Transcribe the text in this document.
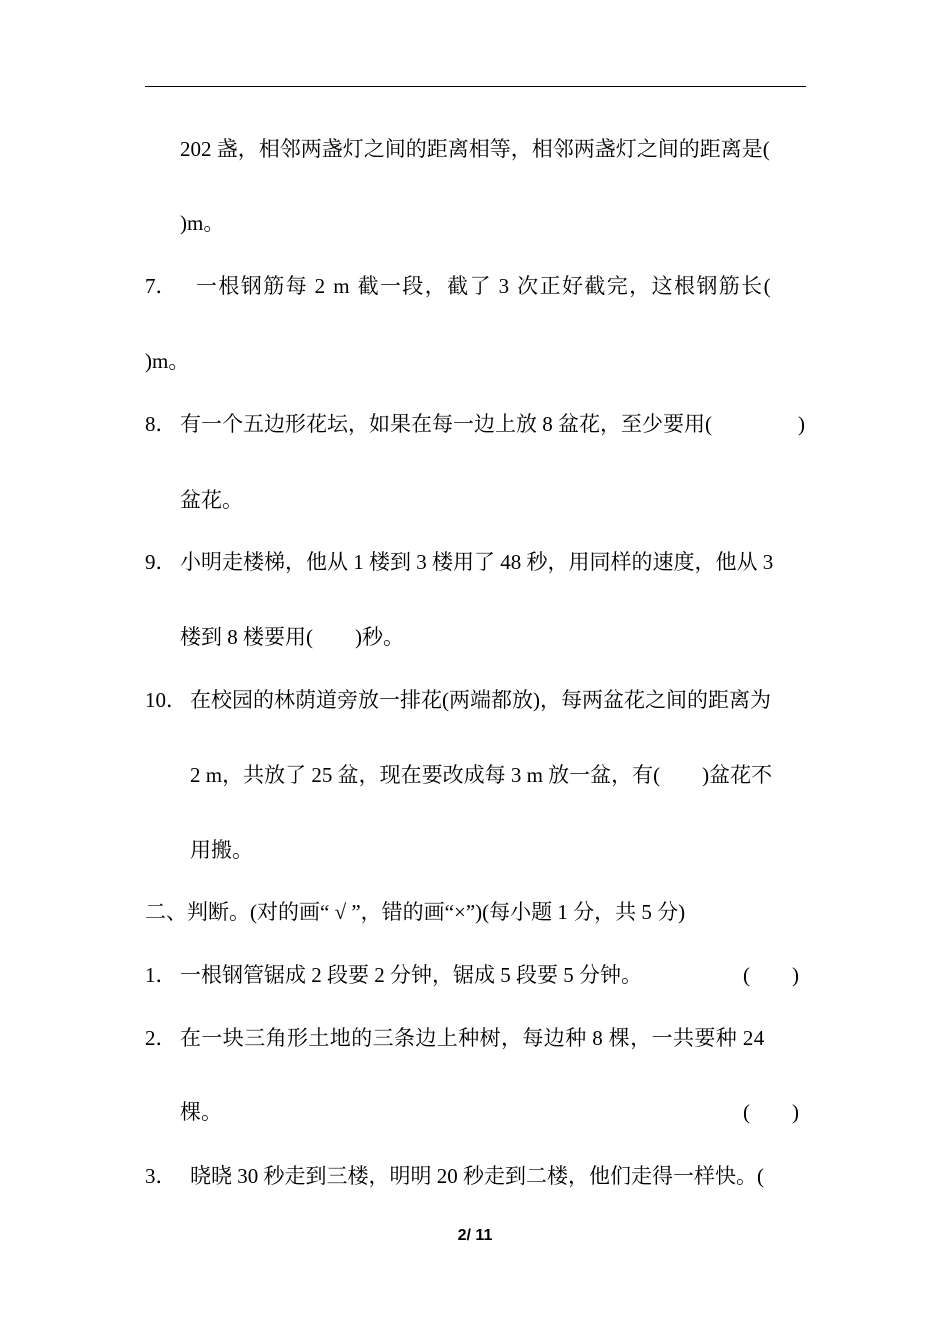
202 盏，相邻两盏灯之间的距离相等，相邻两盏灯之间的距离是(
)m。
7． 一根钢筋每 2 m 截一段，截了 3 次正好截完，这根钢筋长(
)m。
8． 有一个五边形花坛，如果在每一边上放 8 盆花，至少要用(	)
盆花。
9． 小明走楼梯，他从 1 楼到 3 楼用了 48 秒，用同样的速度，他从 3
楼到 8 楼要用(　　)秒。
10． 在校园的林荫道旁放一排花(两端都放)，每两盆花之间的距离为
2 m，共放了 25 盆，现在要改成每 3 m 放一盆，有(　　)盆花不
用搬。
二、判断。(对的画“ √ ”，错的画“×”)(每小题 1 分，共 5 分)
1． 一根钢管锯成 2 段要 2 分钟，锯成 5 段要 5 分钟。	(　　)
2． 在一块三角形土地的三条边上种树，每边种 8 棵，一共要种 24
棵。	(　　)
3． 晓晓 30 秒走到三楼，明明 20 秒走到二楼，他们走得一样快。(
2/ 11
